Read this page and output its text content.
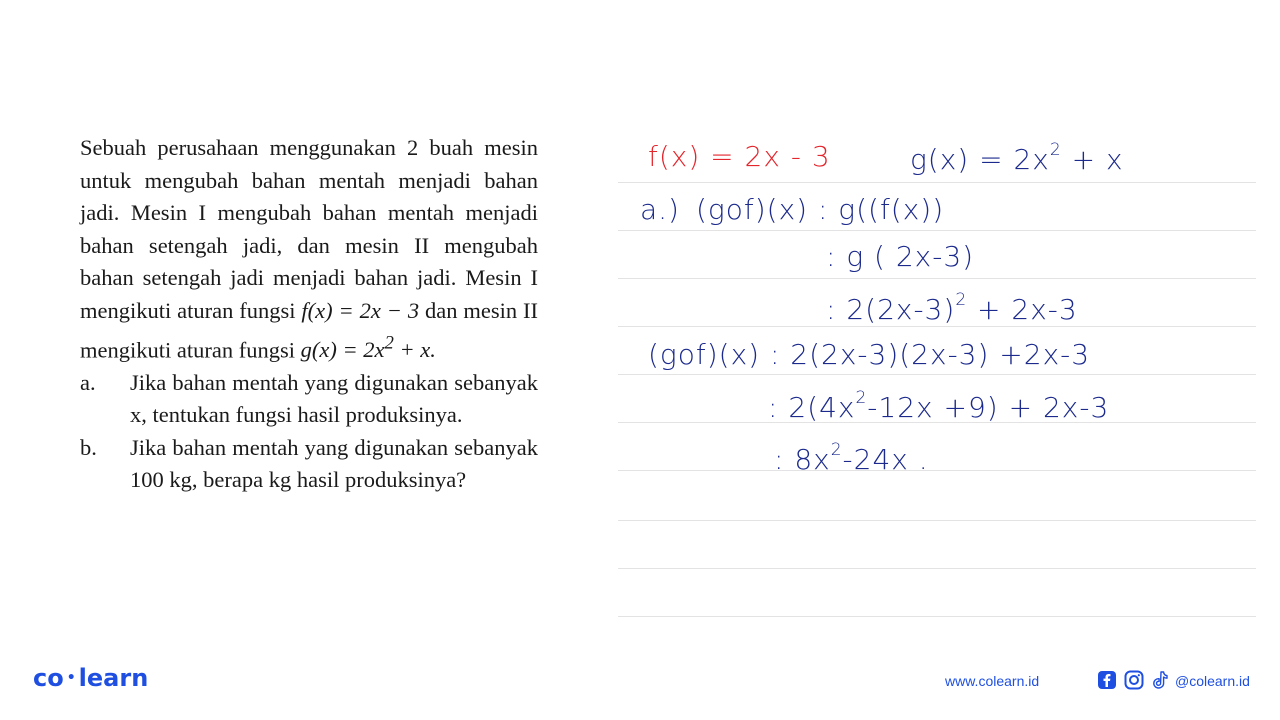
Sebuah perusahaan menggunakan 2 buah mesin untuk mengubah bahan mentah menjadi bahan jadi. Mesin I mengubah bahan mentah menjadi bahan setengah jadi, dan mesin II mengubah bahan setengah jadi menjadi bahan jadi. Mesin I mengikuti aturan fungsi f(x) = 2x − 3 dan mesin II mengikuti aturan fungsi $g(x) = 2x^2 + x$.
a. Jika bahan mentah yang digunakan sebanyak x, tentukan fungsi hasil produksinya.
b. Jika bahan mentah yang digunakan sebanyak 100 kg, berapa kg hasil produksinya?
f(x) = 2x - 3	$g(x) = 2x^2 + x$
a.) (gof)(x) : g((f(x))
: g ( 2x-3)
: $2(2x-3)^2 + 2x-3$
(gof)(x) : 2(2x-3)(2x-3) +2x-3
: $2(4x^2-12x +9) + 2x-3$
: $8x^2-24x$ .
co • learn	www.colearn.id	@colearn.id
